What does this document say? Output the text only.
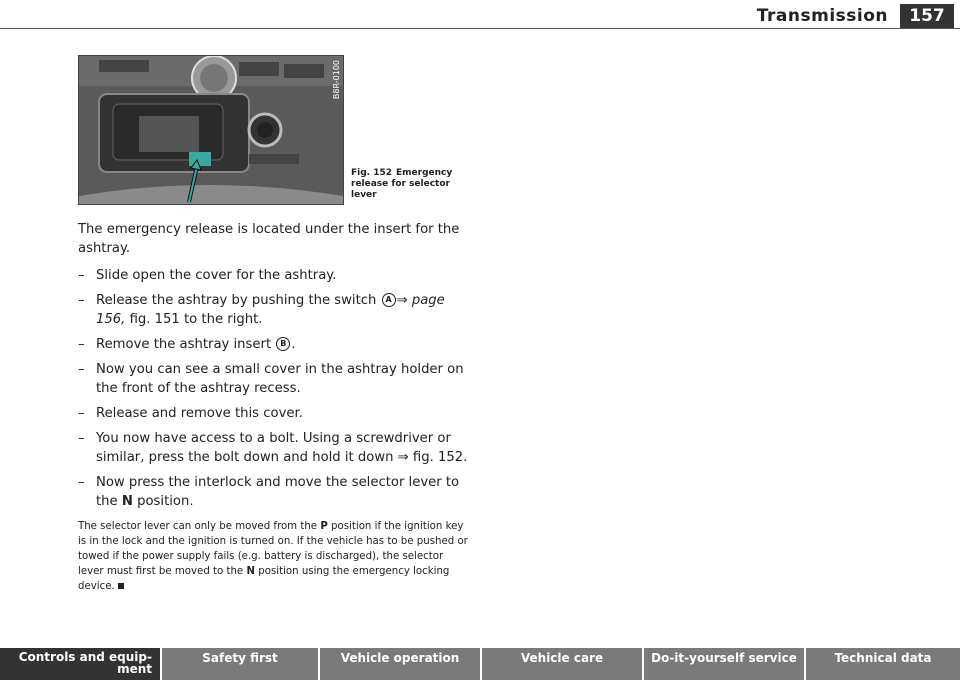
Transmission	157
B8R-0100
Fig. 152 Emergency release for selector lever

The emergency release is located under the insert for the ashtray.

– Slide open the cover for the ashtray.
– Release the ashtray by pushing the switch A ⇒ page 156, fig. 151 to the right.
– Remove the ashtray insert B .
– Now you can see a small cover in the ashtray holder on the front of the ashtray recess.
– Release and remove this cover.
– You now have access to a bolt. Using a screwdriver or similar, press the bolt down and hold it down ⇒ fig. 152.
– Now press the interlock and move the selector lever to the N position.
The selector lever can only be moved from the P position if the ignition key is in the lock and the ignition is turned on. If the vehicle has to be pushed or towed if the power supply fails (e.g. battery is discharged), the selector lever must first be moved to the N position using the emergency locking device.
Controls and equip- ment
Safety first	Vehicle operation	Vehicle care	Do-it-yourself service	Technical data
